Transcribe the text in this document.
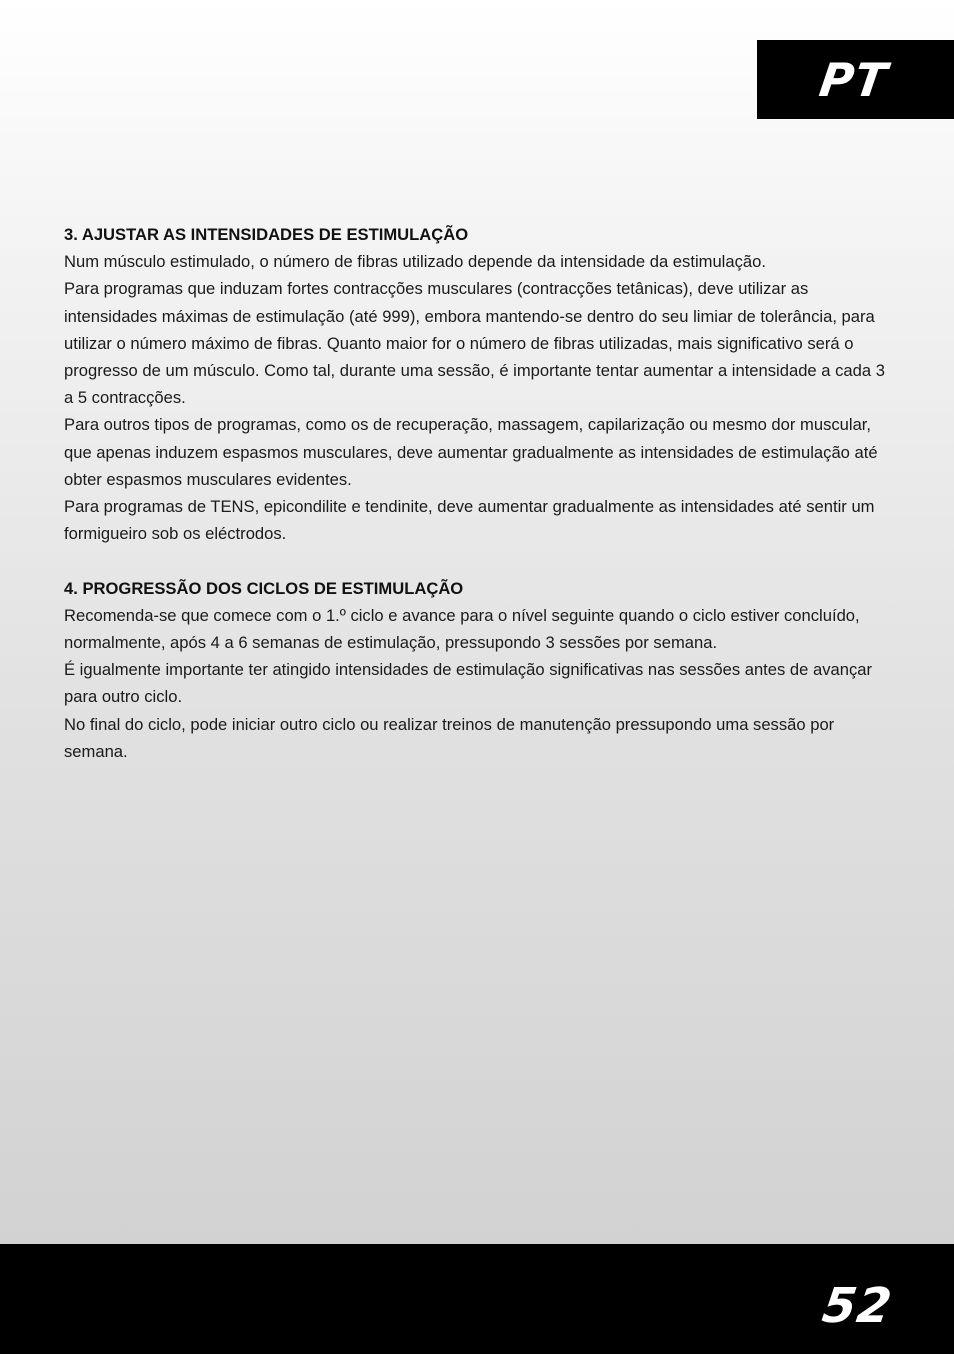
PT
3. AJUSTAR AS INTENSIDADES DE ESTIMULAÇÃO

Num músculo estimulado, o número de fibras utilizado depende da intensidade da estimulação.

Para programas que induzam fortes contracções musculares (contracções tetânicas), deve utilizar as intensidades máximas de estimulação (até 999), embora mantendo-se dentro do seu limiar de tolerância, para utilizar o número máximo de fibras. Quanto maior for o número de fibras utilizadas, mais significativo será o progresso de um músculo. Como tal, durante uma sessão, é importante tentar aumentar a intensidade a cada 3 a 5 contracções.

Para outros tipos de programas, como os de recuperação, massagem, capilarização ou mesmo dor muscular, que apenas induzem espasmos musculares, deve aumentar gradualmente as intensidades de estimulação até obter espasmos musculares evidentes.

Para programas de TENS, epicondilite e tendinite, deve aumentar gradualmente as intensidades até sentir um formigueiro sob os eléctrodos.

4. PROGRESSÃO DOS CICLOS DE ESTIMULAÇÃO

Recomenda-se que comece com o 1.º ciclo e avance para o nível seguinte quando o ciclo estiver concluído, normalmente, após 4 a 6 semanas de estimulação, pressupondo 3 sessões por semana.

É igualmente importante ter atingido intensidades de estimulação significativas nas sessões antes de avançar para outro ciclo.

No final do ciclo, pode iniciar outro ciclo ou realizar treinos de manutenção pressupondo uma sessão por semana.

52
